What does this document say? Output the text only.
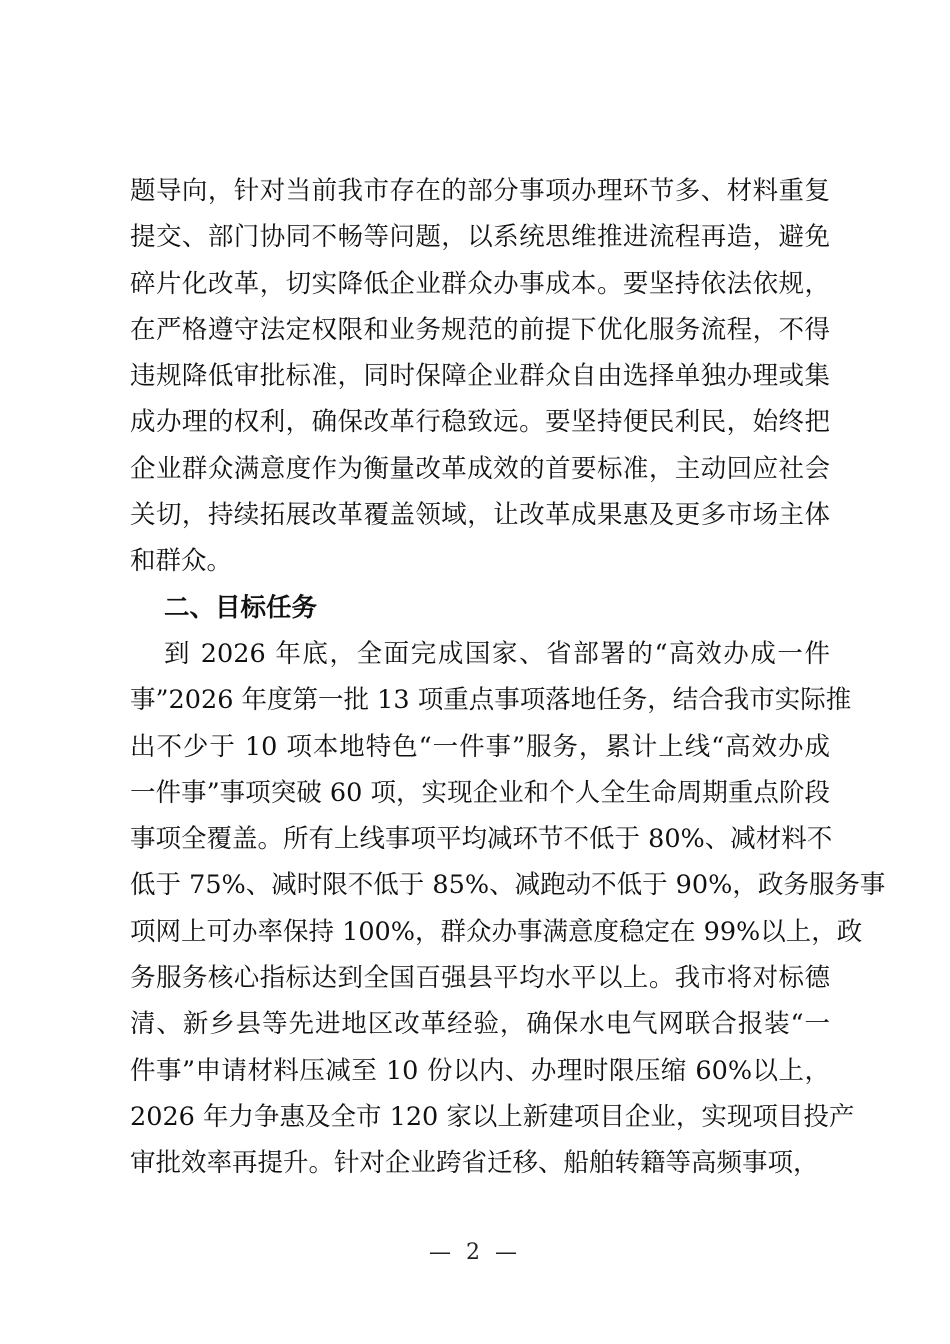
题导向，针对当前我市存在的部分事项办理环节多、材料重复
提交、部门协同不畅等问题，以系统思维推进流程再造，避免
碎片化改革，切实降低企业群众办事成本。要坚持依法依规，
在严格遵守法定权限和业务规范的前提下优化服务流程，不得
违规降低审批标准，同时保障企业群众自由选择单独办理或集
成办理的权利，确保改革行稳致远。要坚持便民利民，始终把
企业群众满意度作为衡量改革成效的首要标准，主动回应社会
关切，持续拓展改革覆盖领域，让改革成果惠及更多市场主体
和群众。
二、目标任务
到 2026 年底，全面完成国家、省部署的“高效办成一件
事”2026 年度第一批 13 项重点事项落地任务，结合我市实际推
出不少于 10 项本地特色“一件事”服务，累计上线“高效办成
一件事”事项突破 60 项，实现企业和个人全生命周期重点阶段
事项全覆盖。所有上线事项平均减环节不低于 80%、减材料不
低于 75%、减时限不低于 85%、减跑动不低于 90%，政务服务事
项网上可办率保持 100%，群众办事满意度稳定在 99%以上，政
务服务核心指标达到全国百强县平均水平以上。我市将对标德
清、新乡县等先进地区改革经验，确保水电气网联合报装“一
件事”申请材料压减至 10 份以内、办理时限压缩 60%以上，
2026 年力争惠及全市 120 家以上新建项目企业，实现项目投产
审批效率再提升。针对企业跨省迁移、船舶转籍等高频事项，
— 2 —
